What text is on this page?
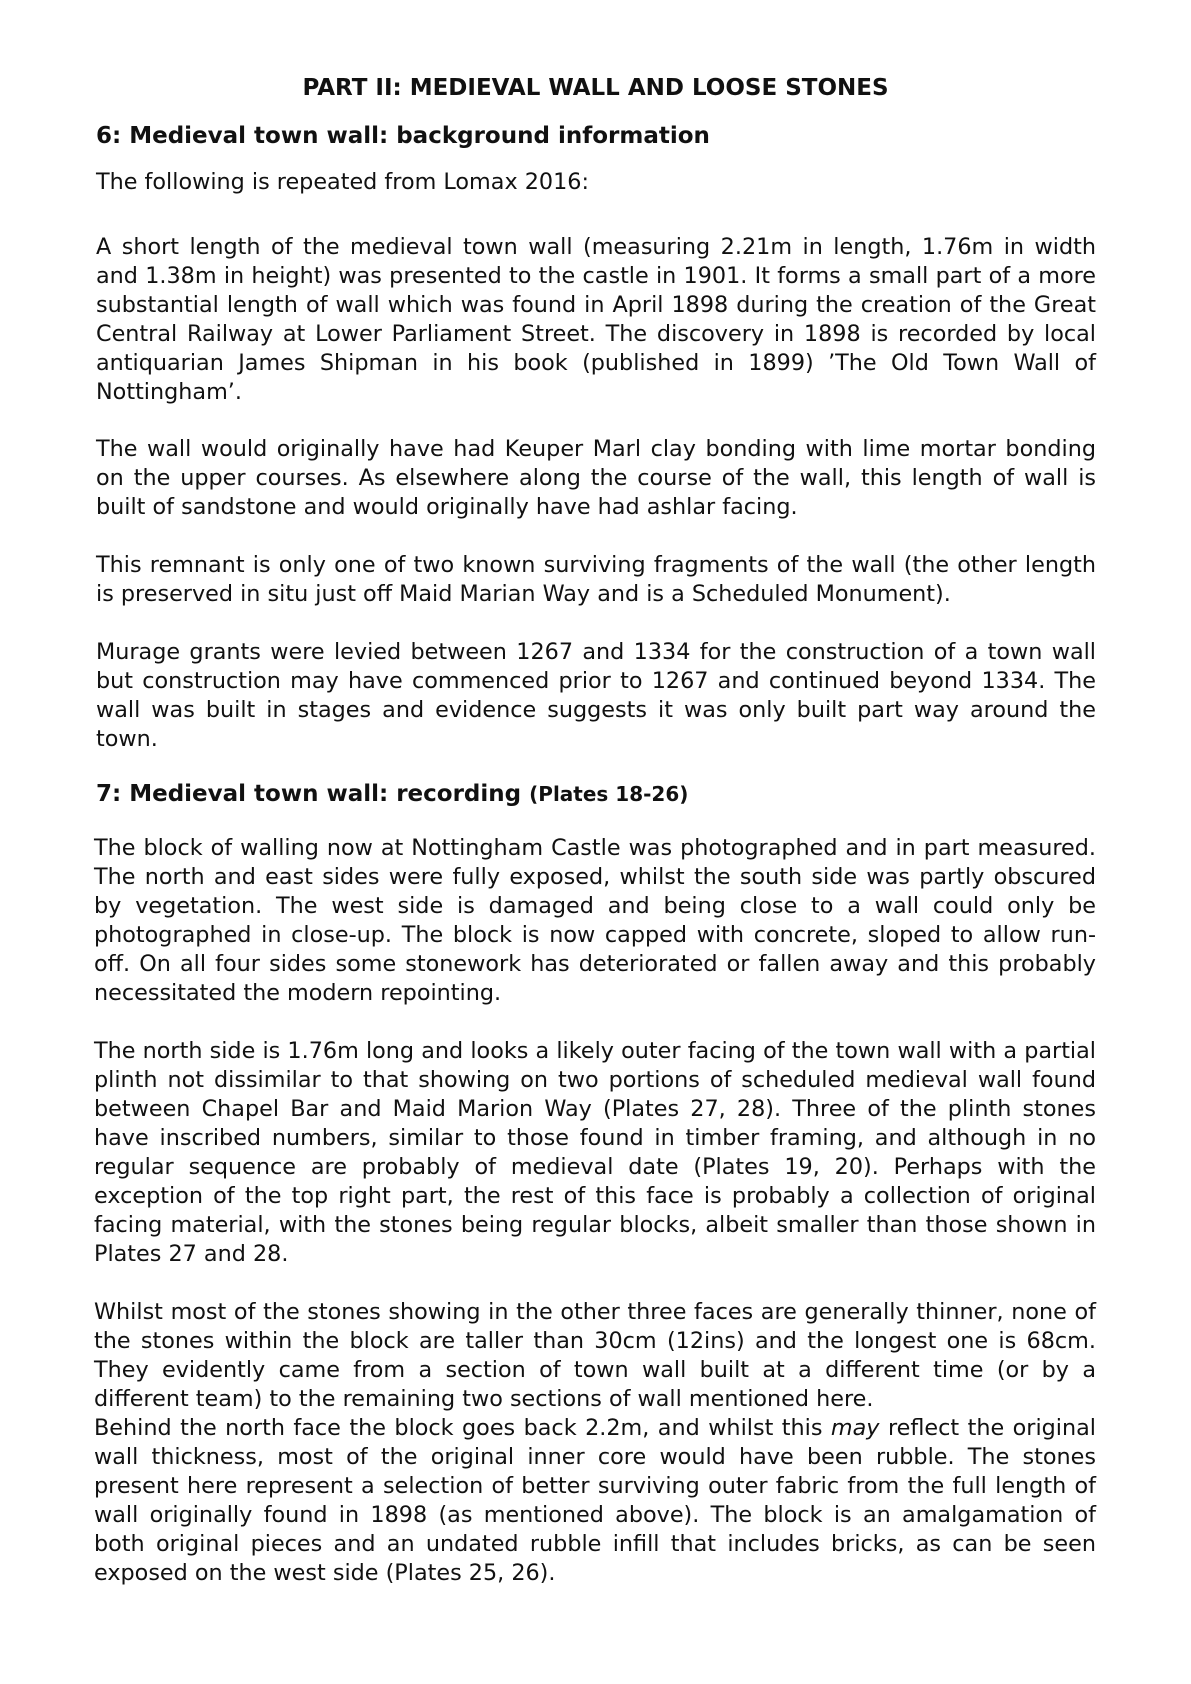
PART II: MEDIEVAL WALL AND LOOSE STONES
6: Medieval town wall: background information

The following is repeated from Lomax 2016:

A short length of the medieval town wall (measuring 2.21m in length, 1.76m in width and 1.38m in height) was presented to the castle in 1901. It forms a small part of a more substantial length of wall which was found in April 1898 during the creation of the Great Central Railway at Lower Parliament Street. The discovery in 1898 is recorded by local antiquarian James Shipman in his book (published in 1899) ’The Old Town Wall of Nottingham’.

The wall would originally have had Keuper Marl clay bonding with lime mortar bonding on the upper courses. As elsewhere along the course of the wall, this length of wall is built of sandstone and would originally have had ashlar facing.

This remnant is only one of two known surviving fragments of the wall (the other length is preserved in situ just off Maid Marian Way and is a Scheduled Monument).

Murage grants were levied between 1267 and 1334 for the construction of a town wall but construction may have commenced prior to 1267 and continued beyond 1334. The wall was built in stages and evidence suggests it was only built part way around the town.

7: Medieval town wall: recording (Plates 18-26)

The block of walling now at Nottingham Castle was photographed and in part measured. The north and east sides were fully exposed, whilst the south side was partly obscured by vegetation. The west side is damaged and being close to a wall could only be photographed in close-up. The block is now capped with concrete, sloped to allow run-off. On all four sides some stonework has deteriorated or fallen away and this probably necessitated the modern repointing.

The north side is 1.76m long and looks a likely outer facing of the town wall with a partial plinth not dissimilar to that showing on two portions of scheduled medieval wall found between Chapel Bar and Maid Marion Way (Plates 27, 28). Three of the plinth stones have inscribed numbers, similar to those found in timber framing, and although in no regular sequence are probably of medieval date (Plates 19, 20). Perhaps with the exception of the top right part, the rest of this face is probably a collection of original facing material, with the stones being regular blocks, albeit smaller than those shown in Plates 27 and 28.

Whilst most of the stones showing in the other three faces are generally thinner, none of the stones within the block are taller than 30cm (12ins) and the longest one is 68cm. They evidently came from a section of town wall built at a different time (or by a different team) to the remaining two sections of wall mentioned here.

Behind the north face the block goes back 2.2m, and whilst this may reflect the original wall thickness, most of the original inner core would have been rubble. The stones present here represent a selection of better surviving outer fabric from the full length of wall originally found in 1898 (as mentioned above). The block is an amalgamation of both original pieces and an undated rubble infill that includes bricks, as can be seen exposed on the west side (Plates 25, 26).
